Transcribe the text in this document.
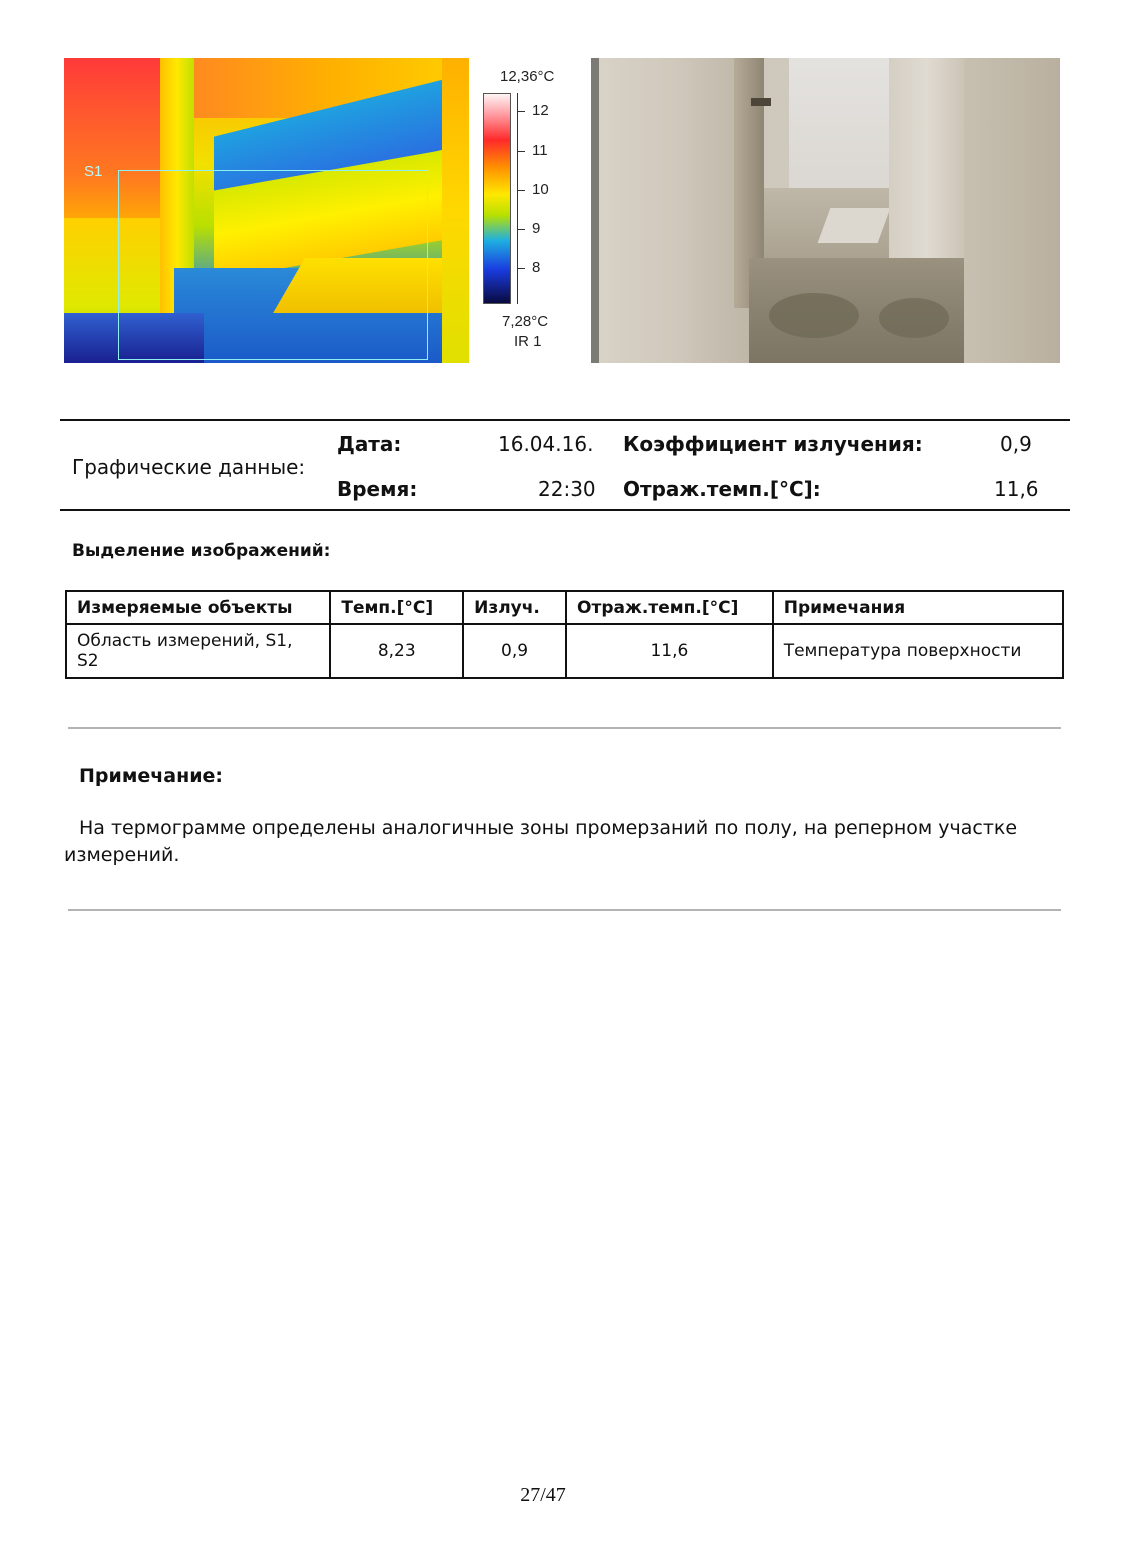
S1
12,36°C
12
11
10
9
8
7,28°C
IR 1
Графические данные:
Дата:	16.04.16. Коэффициент излучения:	0,9
Время:	22:30 Отраж.темп.[°C]:	11,6
Выделение изображений:
Измеряемые объекты	Темп.[°C]	Излуч.	Отраж.темп.[°C]	Примечания
Область измерений, S1, S2	8,23	0,9	11,6	Температура поверхности
Примечание:
На термограмме определены аналогичные зоны промерзаний по полу, на реперном участке измерений.
27/47
